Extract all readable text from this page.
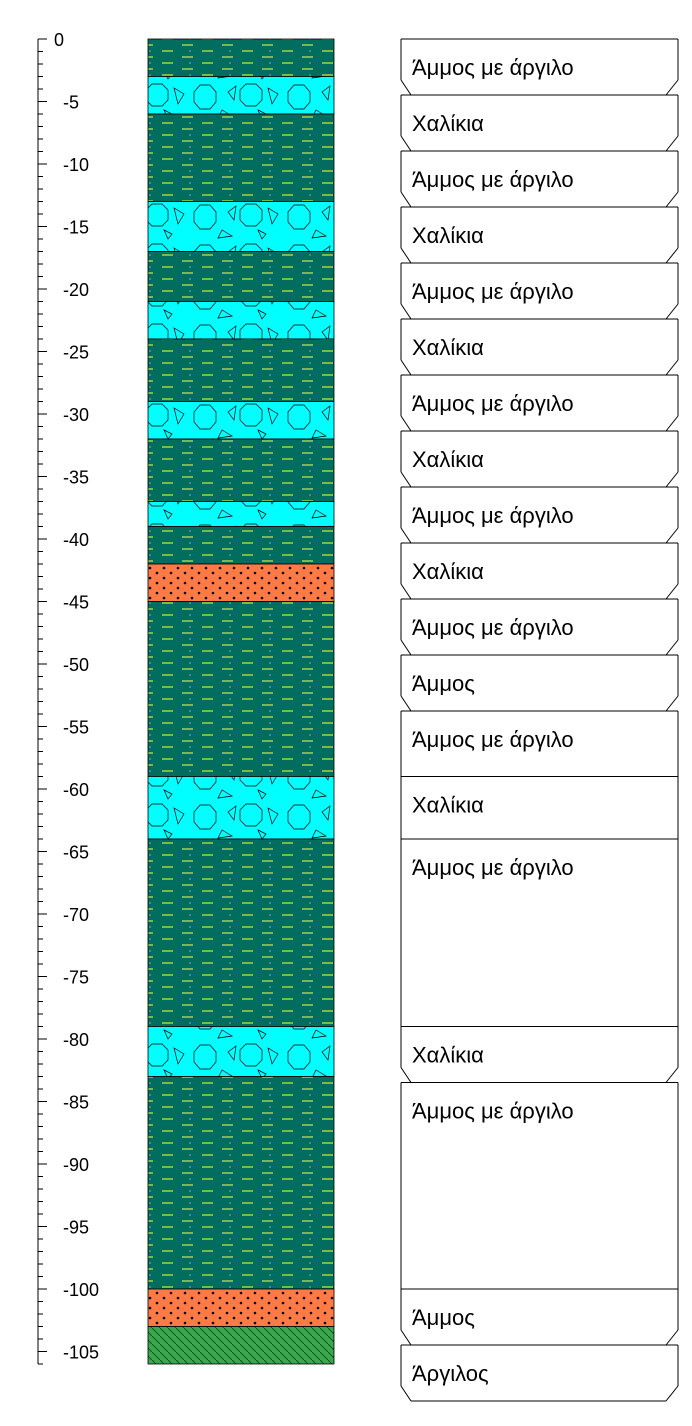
0
-5
-10
-15
-20
-25
-30
-35
-40
-45
-50
-55
-60
-65
-70
-75
-80
-85
-90
-95
-100
-105
Άμμος με άργιλο
Χαλίκια
Άμμος με άργιλο
Χαλίκια
Άμμος με άργιλο
Χαλίκια
Άμμος με άργιλο
Χαλίκια
Άμμος με άργιλο
Χαλίκια
Άμμος με άργιλο
Άμμος
Άμμος με άργιλο
Χαλίκια
Άμμος με άργιλο
Χαλίκια
Άμμος με άργιλο
Άμμος
Άργιλος
